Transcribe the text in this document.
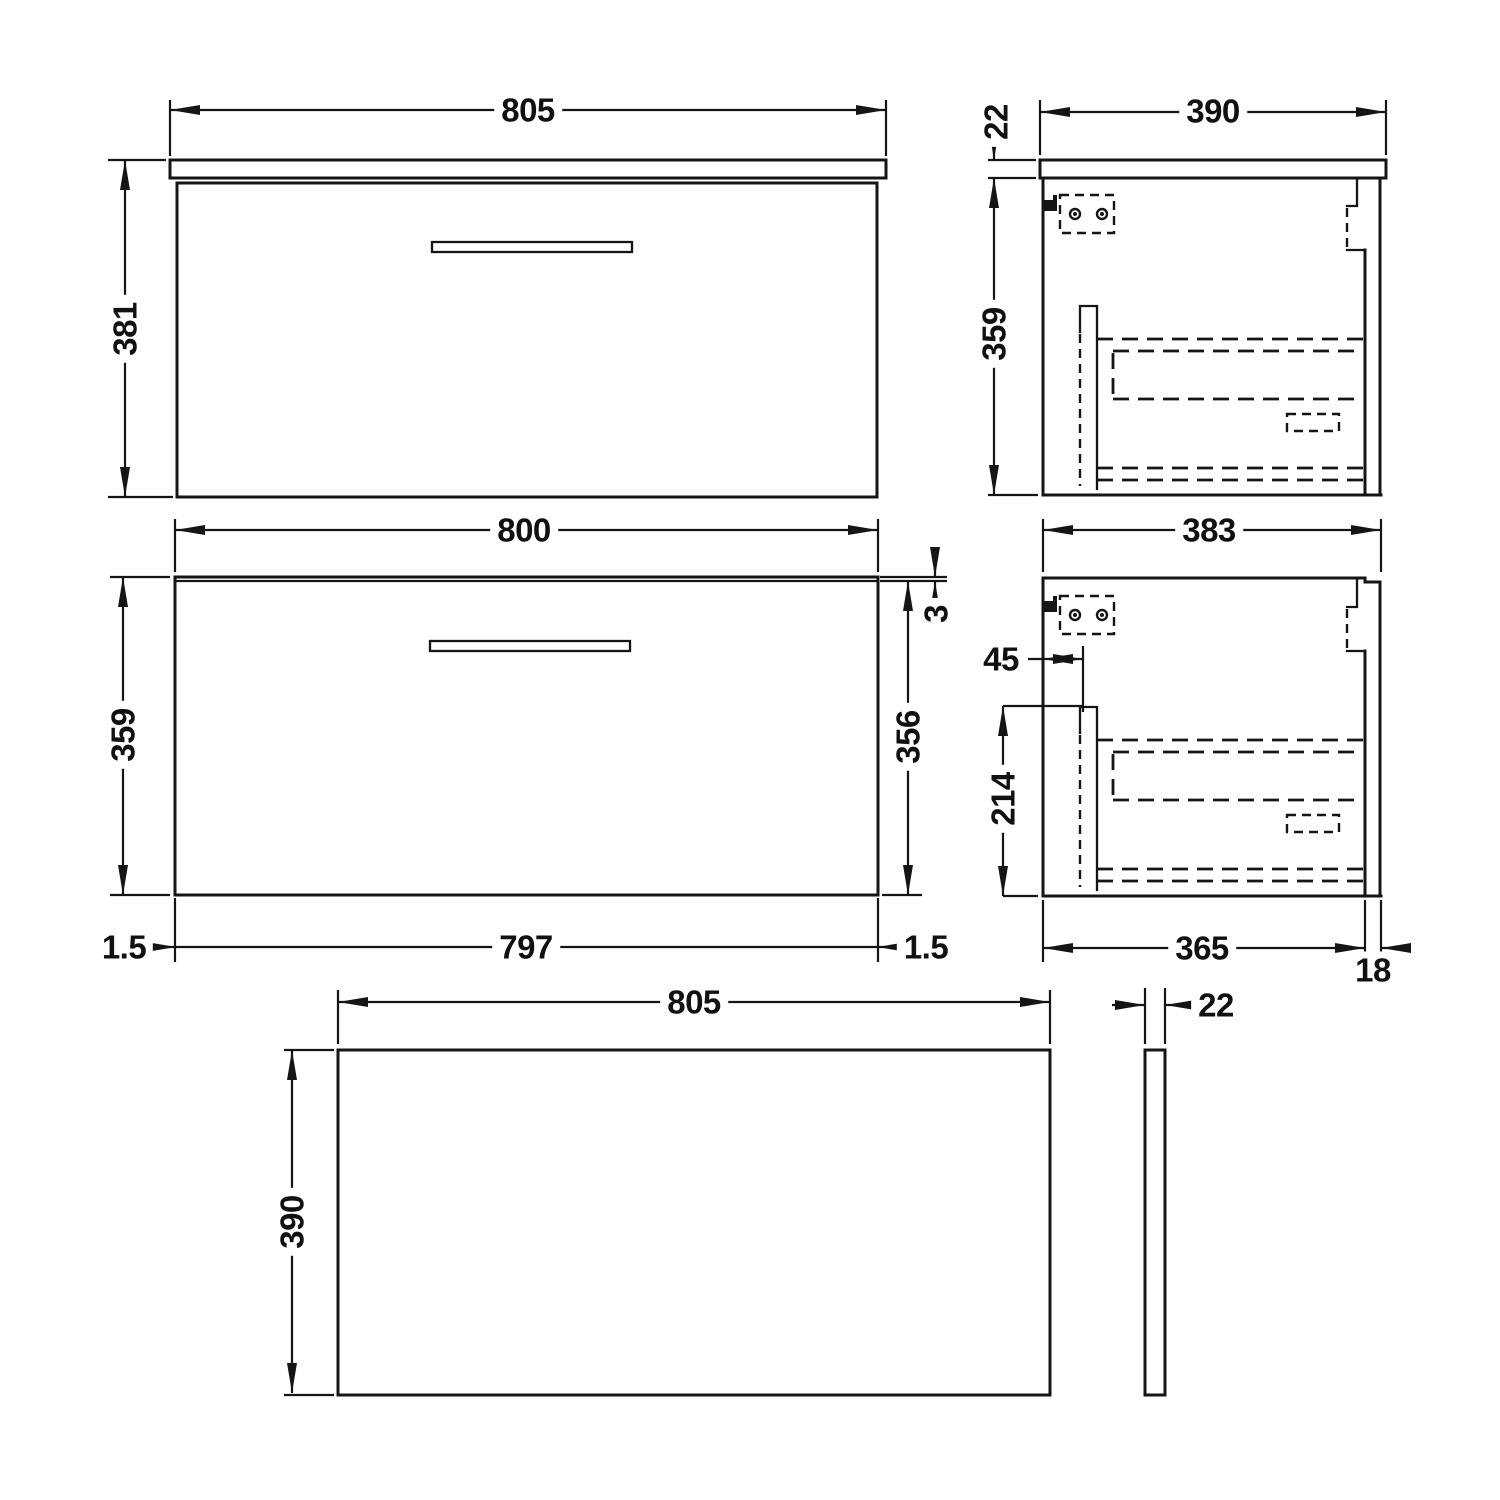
805
381
390
22
359
800
359
3
356
1.5	797	1.5
383
45
214
365
18
805
390
22
